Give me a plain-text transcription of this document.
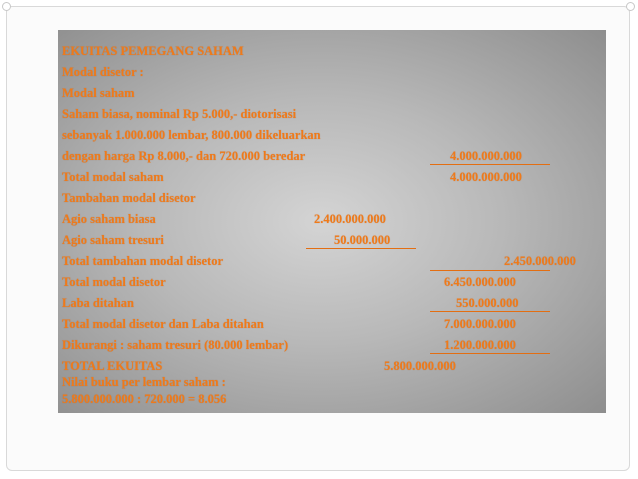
EKUITAS PEMEGANG SAHAM
Modal disetor :
Modal saham
Saham biasa, nominal Rp 5.000,- diotorisasi
sebanyak 1.000.000 lembar, 800.000 dikeluarkan
dengan harga Rp 8.000,- dan 720.000 beredar	4.000.000.000
Total modal saham	4.000.000.000
Tambahan modal disetor
Agio saham biasa	2.400.000.000
Agio saham tresuri	50.000.000
Total tambahan modal disetor	2.450.000.000
Total modal disetor	6.450.000.000
Laba ditahan	550.000.000
Total modal disetor dan Laba ditahan	7.000.000.000
Dikurangi : saham tresuri (80.000 lembar)	1.200.000.000
TOTAL EKUITAS	5.800.000.000
Nilai buku per lembar saham :
5.800.000.000 : 720.000 = 8.056
